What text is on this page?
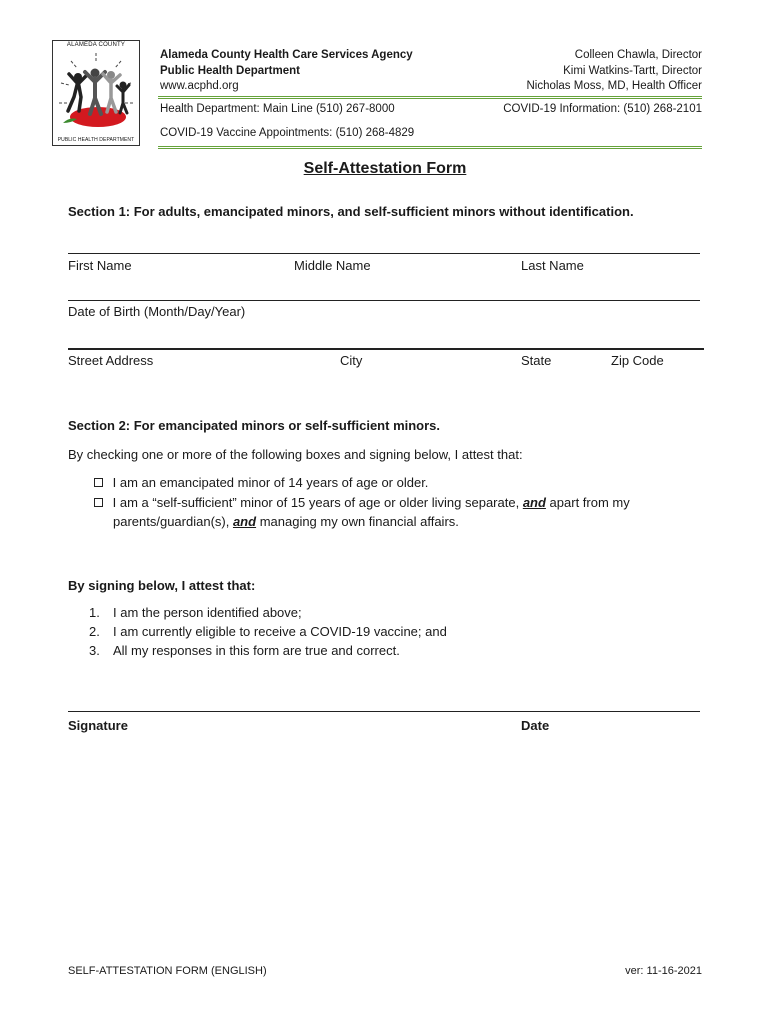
ALAMEDA COUNTY
PUBLIC HEALTH DEPARTMENT
Alameda County Health Care Services Agency
Public Health Department
www.acphd.org
Colleen Chawla, Director
Kimi Watkins-Tartt, Director
Nicholas Moss, MD, Health Officer
Health Department: Main Line (510) 267-8000	COVID-19 Information: (510) 268-2101
COVID-19 Vaccine Appointments: (510) 268-4829
Self-Attestation Form
Section 1: For adults, emancipated minors, and self-sufficient minors without identification.
First Name	Middle Name	Last Name
Date of Birth (Month/Day/Year)
Street Address	City	State	Zip Code
Section 2: For emancipated minors or self-sufficient minors.
By checking one or more of the following boxes and signing below, I attest that:
I am an emancipated minor of 14 years of age or older.
I am a “self-sufficient” minor of 15 years of age or older living separate, and apart from my
parents/guardian(s), and managing my own financial affairs.
By signing below, I attest that:
1. I am the person identified above;
2. I am currently eligible to receive a COVID-19 vaccine; and
3. All my responses in this form are true and correct.
Signature	Date
SELF-ATTESTATION FORM (ENGLISH)	ver: 11-16-2021
